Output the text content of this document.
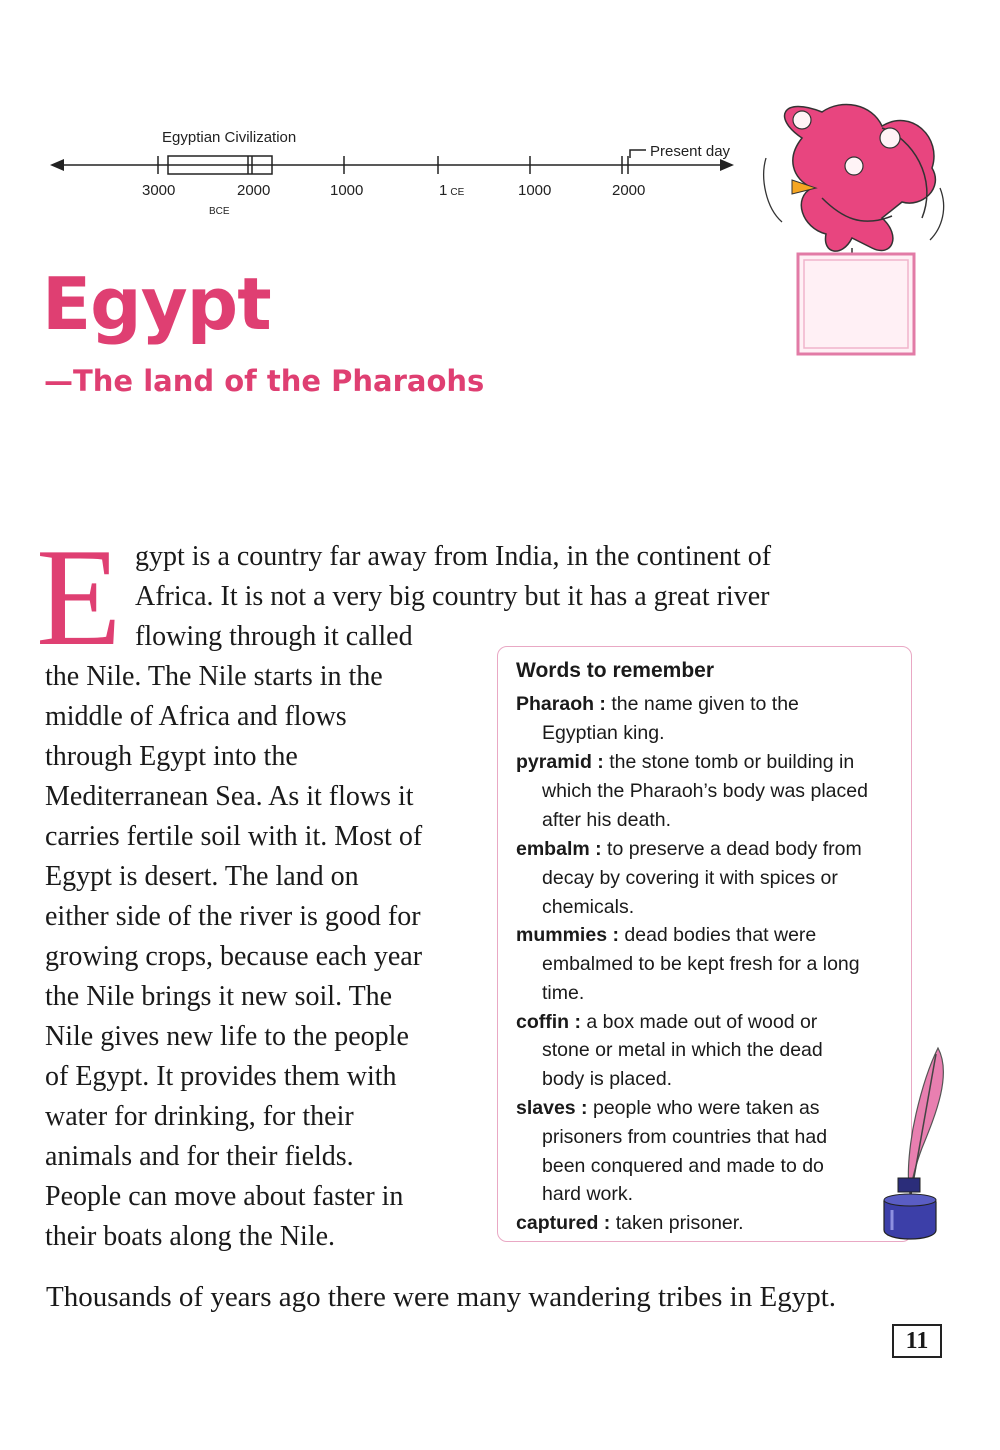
Egyptian Civilization
Present day
3000	2000	1000	1 CE	1000	2000
BCE
Egypt
—The land of the Pharaohs
E gypt is a country far away from India, in the continent of
Africa. It is not a very big country but it has a great river
flowing through it called
the Nile. The Nile starts in the
middle of Africa and flows
through Egypt into the
Mediterranean Sea. As it flows it
carries fertile soil with it. Most of
Egypt is desert. The land on
either side of the river is good for
growing crops, because each year
the Nile brings it new soil. The
Nile gives new life to the people
of Egypt. It provides them with
water for drinking, for their
animals and for their fields.
People can move about faster in
their boats along the Nile.
Words to remember
Pharaoh : the name given to the
Egyptian king.
pyramid : the stone tomb or building in
which the Pharaoh’s body was placed
after his death.
embalm : to preserve a dead body from
decay by covering it with spices or
chemicals.
mummies : dead bodies that were
embalmed to be kept fresh for a long
time.
coffin : a box made out of wood or
stone or metal in which the dead
body is placed.
slaves : people who were taken as
prisoners from countries that had
been conquered and made to do
hard work.
captured : taken prisoner.
Thousands of years ago there were many wandering tribes in Egypt.
11
